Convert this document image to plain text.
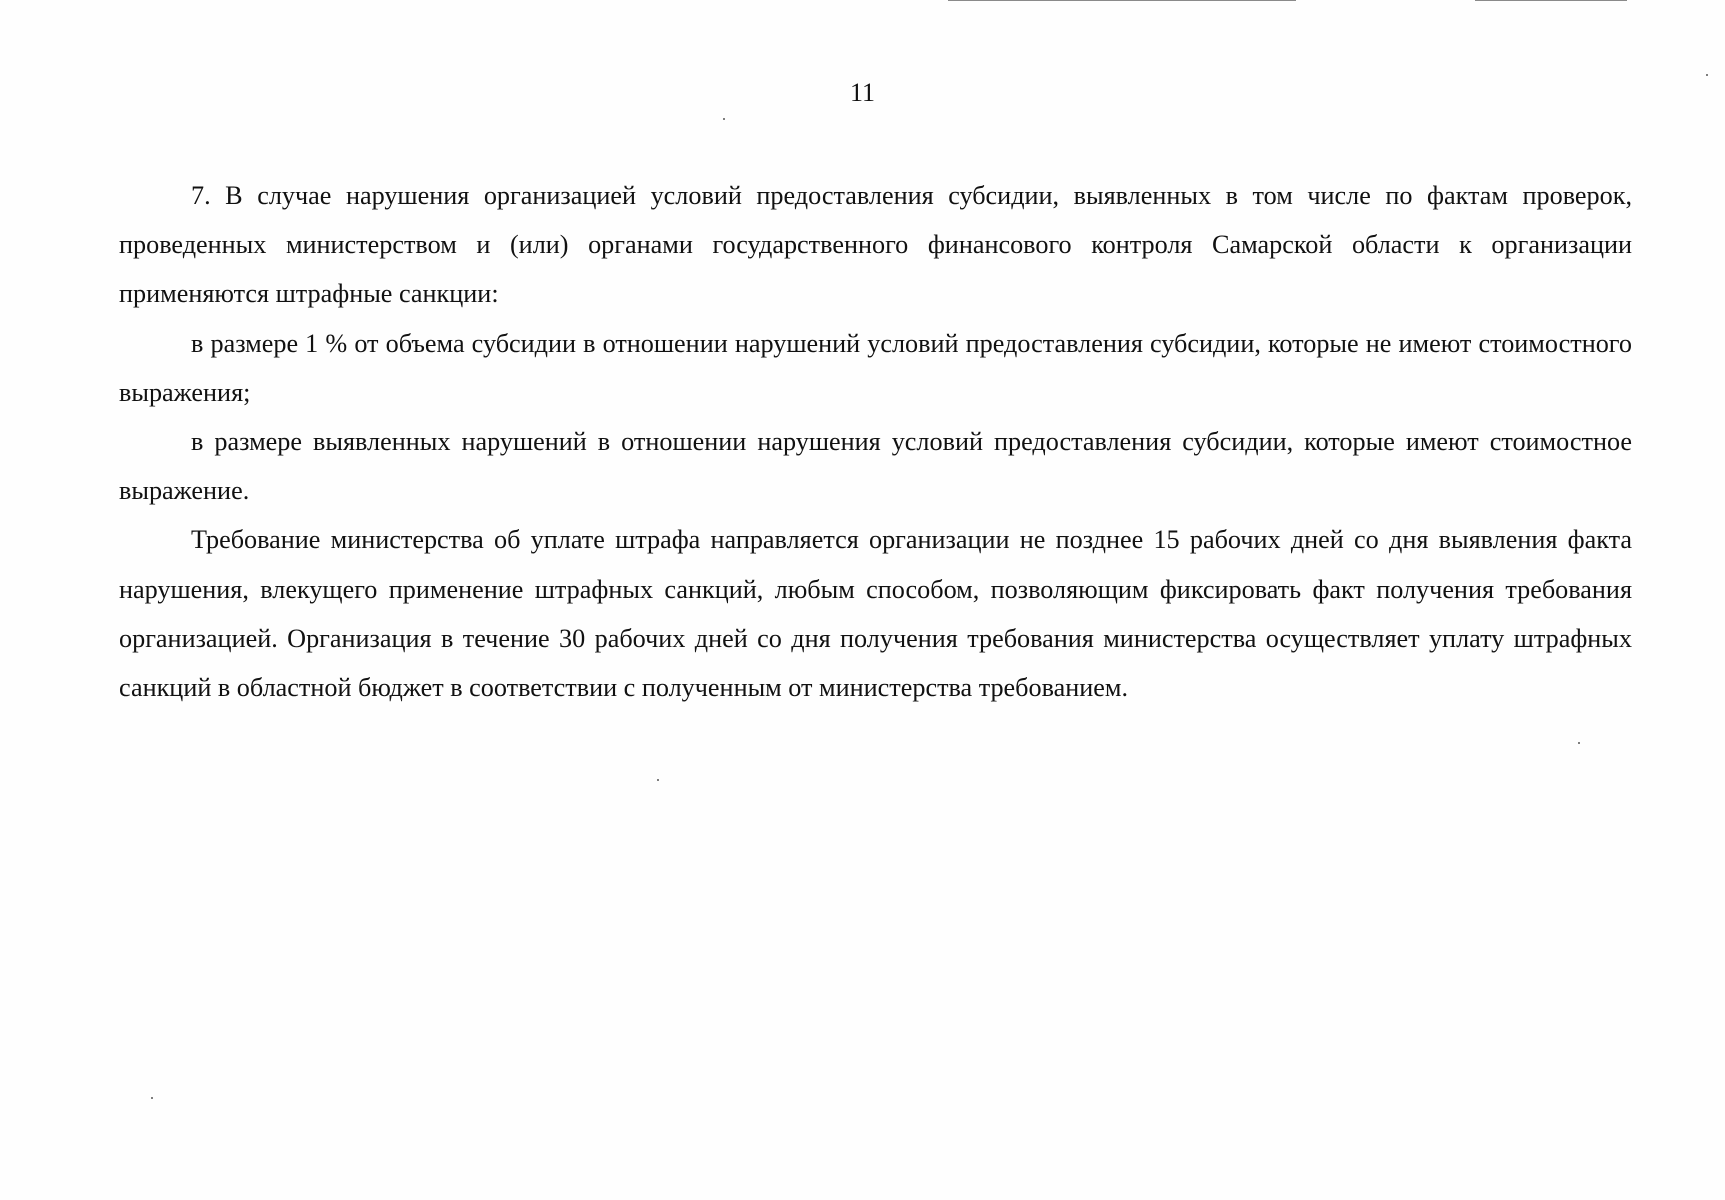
11

7. В случае нарушения организацией условий предоставления субсидии, выявленных в том числе по фактам проверок, проведенных министерством и (или) органами государственного финансового контроля Самарской области к организации применяются штрафные санкции:

в размере 1 % от объема субсидии в отношении нарушений условий предоставления субсидии, которые не имеют стоимостного выражения;

в размере выявленных нарушений в отношении нарушения условий предоставления субсидии, которые имеют стоимостное выражение.

Требование министерства об уплате штрафа направляется организации не позднее 15 рабочих дней со дня выявления факта нарушения, влекущего применение штрафных санкций, любым способом, позволяющим фиксировать факт получения требования организацией. Организация в течение 30 рабочих дней со дня получения требования министерства осуществляет уплату штрафных санкций в областной бюджет в соответствии с полученным от министерства требованием.
